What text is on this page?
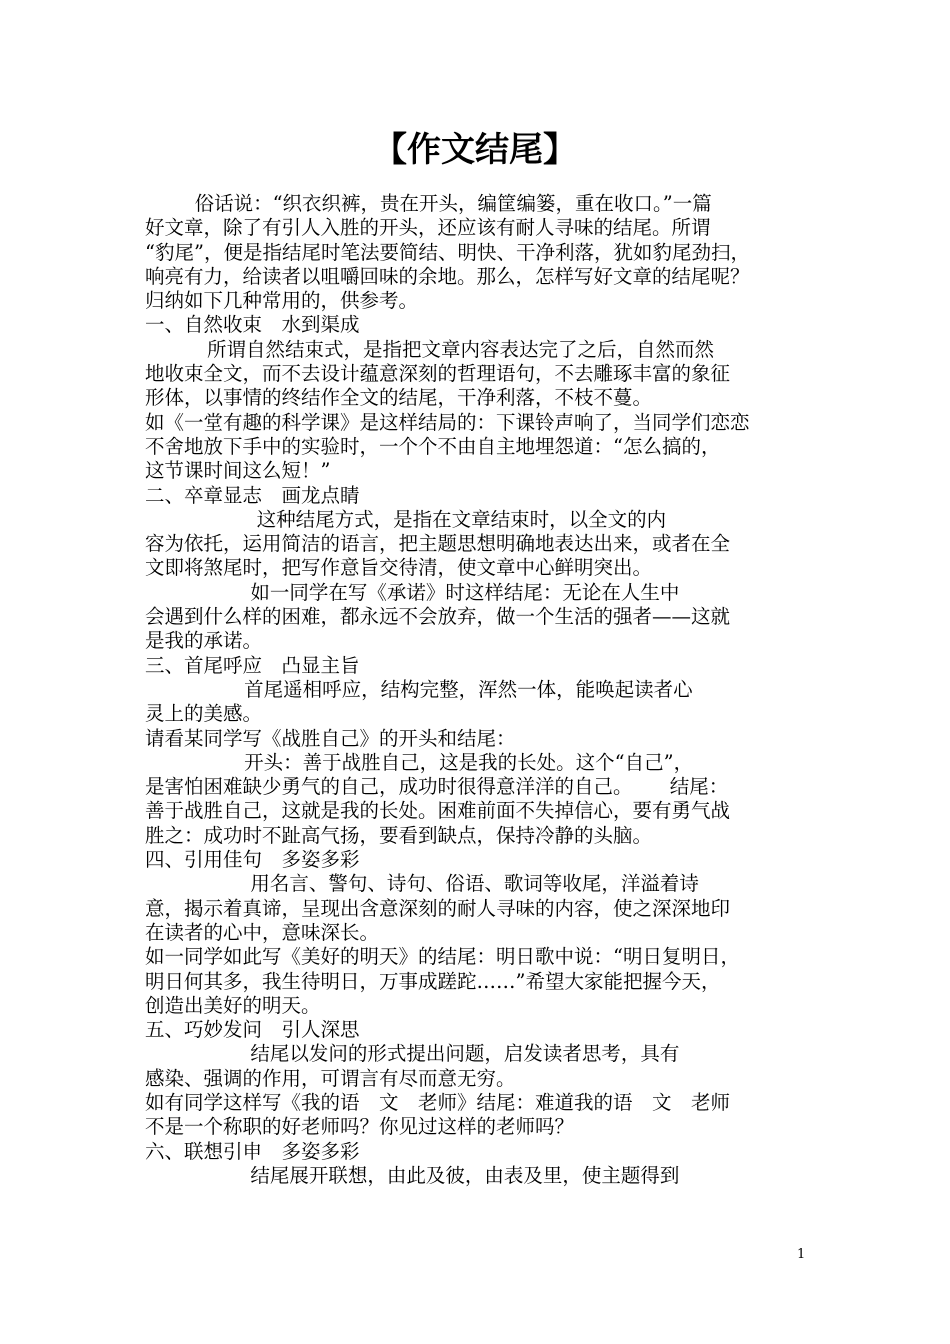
【作文结尾】
俗话说：“织衣织裤，贵在开头，编筐编篓，重在收口。”一篇
好文章，除了有引人入胜的开头，还应该有耐人寻味的结尾。所谓
“豹尾”，便是指结尾时笔法要简结、明快、干净利落，犹如豹尾劲扫，
响亮有力，给读者以咀嚼回味的余地。那么，怎样写好文章的结尾呢？
归纳如下几种常用的，供参考。
一、自然收束　水到渠成
所谓自然结束式，是指把文章内容表达完了之后，自然而然
地收束全文，而不去设计蕴意深刻的哲理语句，不去雕琢丰富的象征
形体，以事情的终结作全文的结尾，干净利落，不枝不蔓。
如《一堂有趣的科学课》是这样结局的：下课铃声响了，当同学们恋恋
不舍地放下手中的实验时，一个个不由自主地埋怨道：“怎么搞的，
这节课时间这么短！”
二、卒章显志　画龙点睛
这种结尾方式，是指在文章结束时，以全文的内
容为依托，运用简洁的语言，把主题思想明确地表达出来，或者在全
文即将煞尾时，把写作意旨交待清，使文章中心鲜明突出。
如一同学在写《承诺》时这样结尾：无论在人生中
会遇到什么样的困难，都永远不会放弃，做一个生活的强者——这就
是我的承诺。
三、首尾呼应　凸显主旨
首尾遥相呼应，结构完整，浑然一体，能唤起读者心
灵上的美感。
请看某同学写《战胜自己》的开头和结尾：
开头：善于战胜自己，这是我的长处。这个“自己”，
是害怕困难缺少勇气的自己，成功时很得意洋洋的自己。      结尾：
善于战胜自己，这就是我的长处。困难前面不失掉信心，要有勇气战
胜之：成功时不趾高气扬，要看到缺点，保持冷静的头脑。
四、引用佳句　多姿多彩
用名言、警句、诗句、俗语、歌词等收尾，洋溢着诗
意，揭示着真谛，呈现出含意深刻的耐人寻味的内容，使之深深地印
在读者的心中，意味深长。
如一同学如此写《美好的明天》的结尾：明日歌中说：“明日复明日，
明日何其多，我生待明日，万事成蹉跎……”希望大家能把握今天，
创造出美好的明天。
五、巧妙发问　引人深思
结尾以发问的形式提出问题，启发读者思考，具有
感染、强调的作用，可谓言有尽而意无穷。
如有同学这样写《我的语　文　老师》结尾：难道我的语　文　老师
不是一个称职的好老师吗？你见过这样的老师吗？
六、联想引申　多姿多彩
结尾展开联想，由此及彼，由表及里，使主题得到
1
